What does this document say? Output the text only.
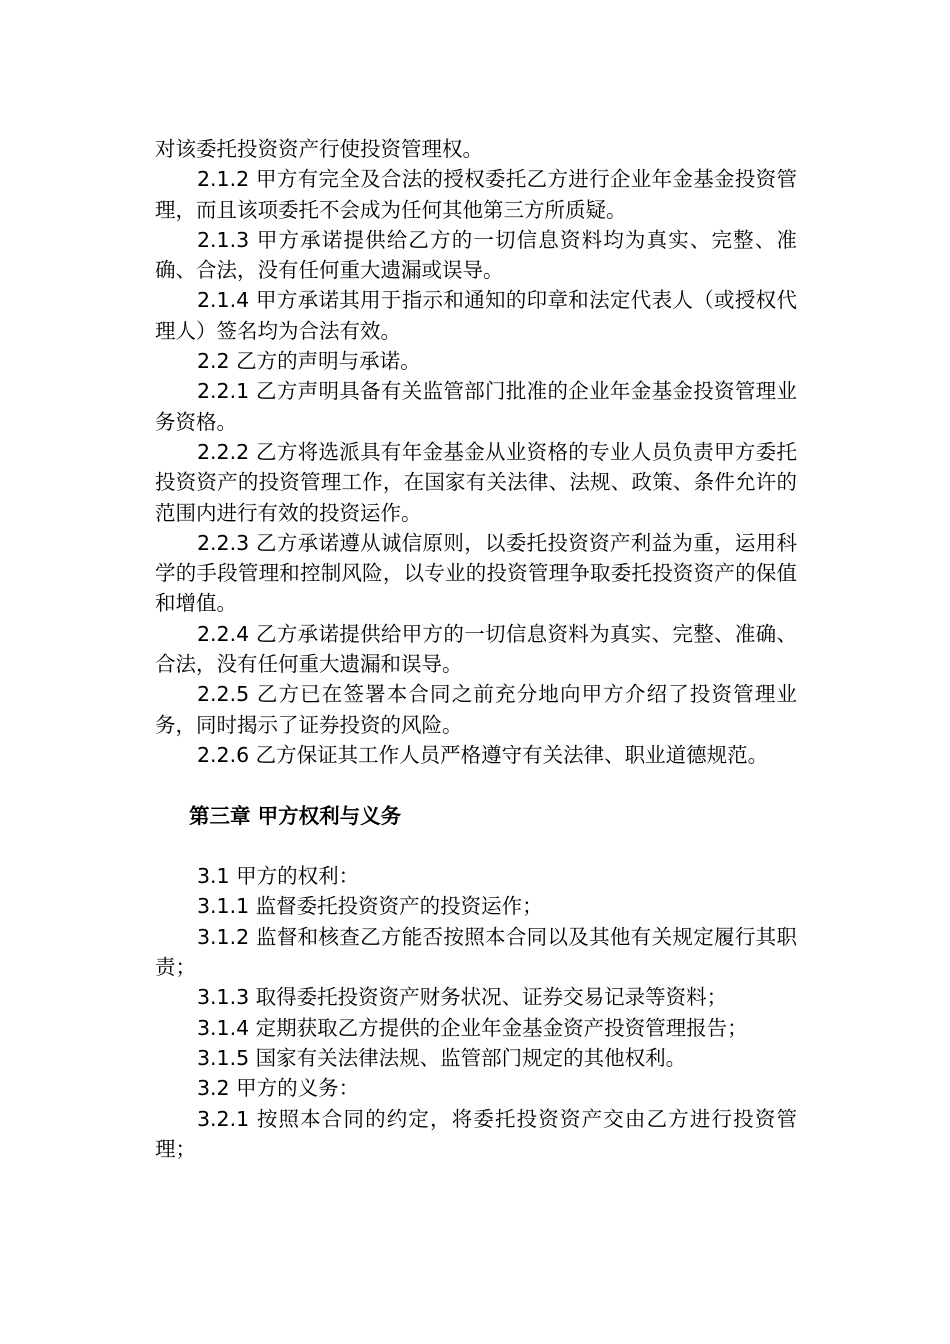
对该委托投资资产行使投资管理权。

2.1.2 甲方有完全及合法的授权委托乙方进行企业年金基金投资管理，而且该项委托不会成为任何其他第三方所质疑。

2.1.3 甲方承诺提供给乙方的一切信息资料均为真实、完整、准确、合法，没有任何重大遗漏或误导。

2.1.4 甲方承诺其用于指示和通知的印章和法定代表人（或授权代理人）签名均为合法有效。

2.2 乙方的声明与承诺。

2.2.1 乙方声明具备有关监管部门批准的企业年金基金投资管理业务资格。

2.2.2 乙方将选派具有年金基金从业资格的专业人员负责甲方委托投资资产的投资管理工作，在国家有关法律、法规、政策、条件允许的范围内进行有效的投资运作。

2.2.3 乙方承诺遵从诚信原则，以委托投资资产利益为重，运用科学的手段管理和控制风险，以专业的投资管理争取委托投资资产的保值和增值。

2.2.4 乙方承诺提供给甲方的一切信息资料为真实、完整、准确、合法，没有任何重大遗漏和误导。

2.2.5 乙方已在签署本合同之前充分地向甲方介绍了投资管理业务，同时揭示了证券投资的风险。

2.2.6 乙方保证其工作人员严格遵守有关法律、职业道德规范。

第三章 甲方权利与义务

3.1 甲方的权利：

3.1.1 监督委托投资资产的投资运作；

3.1.2 监督和核查乙方能否按照本合同以及其他有关规定履行其职责；

3.1.3 取得委托投资资产财务状况、证券交易记录等资料；

3.1.4 定期获取乙方提供的企业年金基金资产投资管理报告；

3.1.5 国家有关法律法规、监管部门规定的其他权利。

3.2 甲方的义务：

3.2.1 按照本合同的约定，将委托投资资产交由乙方进行投资管理；
